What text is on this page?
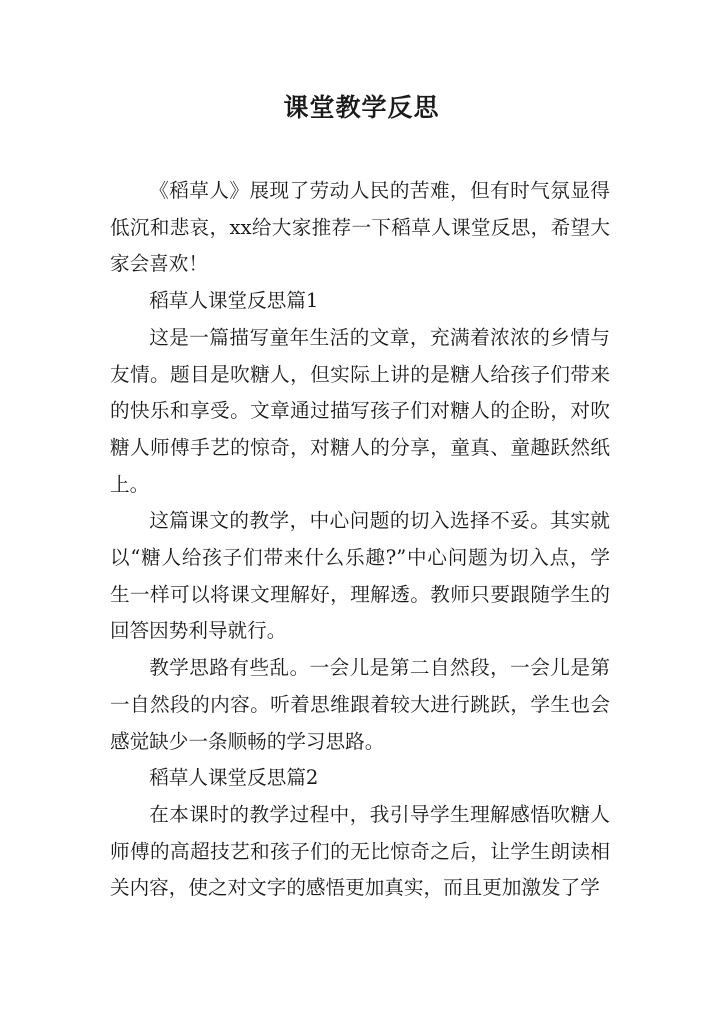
课堂教学反思

《稻草人》展现了劳动人民的苦难，但有时气氛显得低沉和悲哀，xx给大家推荐一下稻草人课堂反思，希望大家会喜欢！

稻草人课堂反思篇1

这是一篇描写童年生活的文章，充满着浓浓的乡情与友情。题目是吹糖人，但实际上讲的是糖人给孩子们带来的快乐和享受。文章通过描写孩子们对糖人的企盼，对吹糖人师傅手艺的惊奇，对糖人的分享，童真、童趣跃然纸上。

这篇课文的教学，中心问题的切入选择不妥。其实就以“糖人给孩子们带来什么乐趣?”中心问题为切入点，学生一样可以将课文理解好，理解透。教师只要跟随学生的回答因势利导就行。

教学思路有些乱。一会儿是第二自然段，一会儿是第一自然段的内容。听着思维跟着较大进行跳跃，学生也会感觉缺少一条顺畅的学习思路。

稻草人课堂反思篇2

在本课时的教学过程中，我引导学生理解感悟吹糖人师傅的高超技艺和孩子们的无比惊奇之后，让学生朗读相关内容，使之对文字的感悟更加真实，而且更加激发了学
